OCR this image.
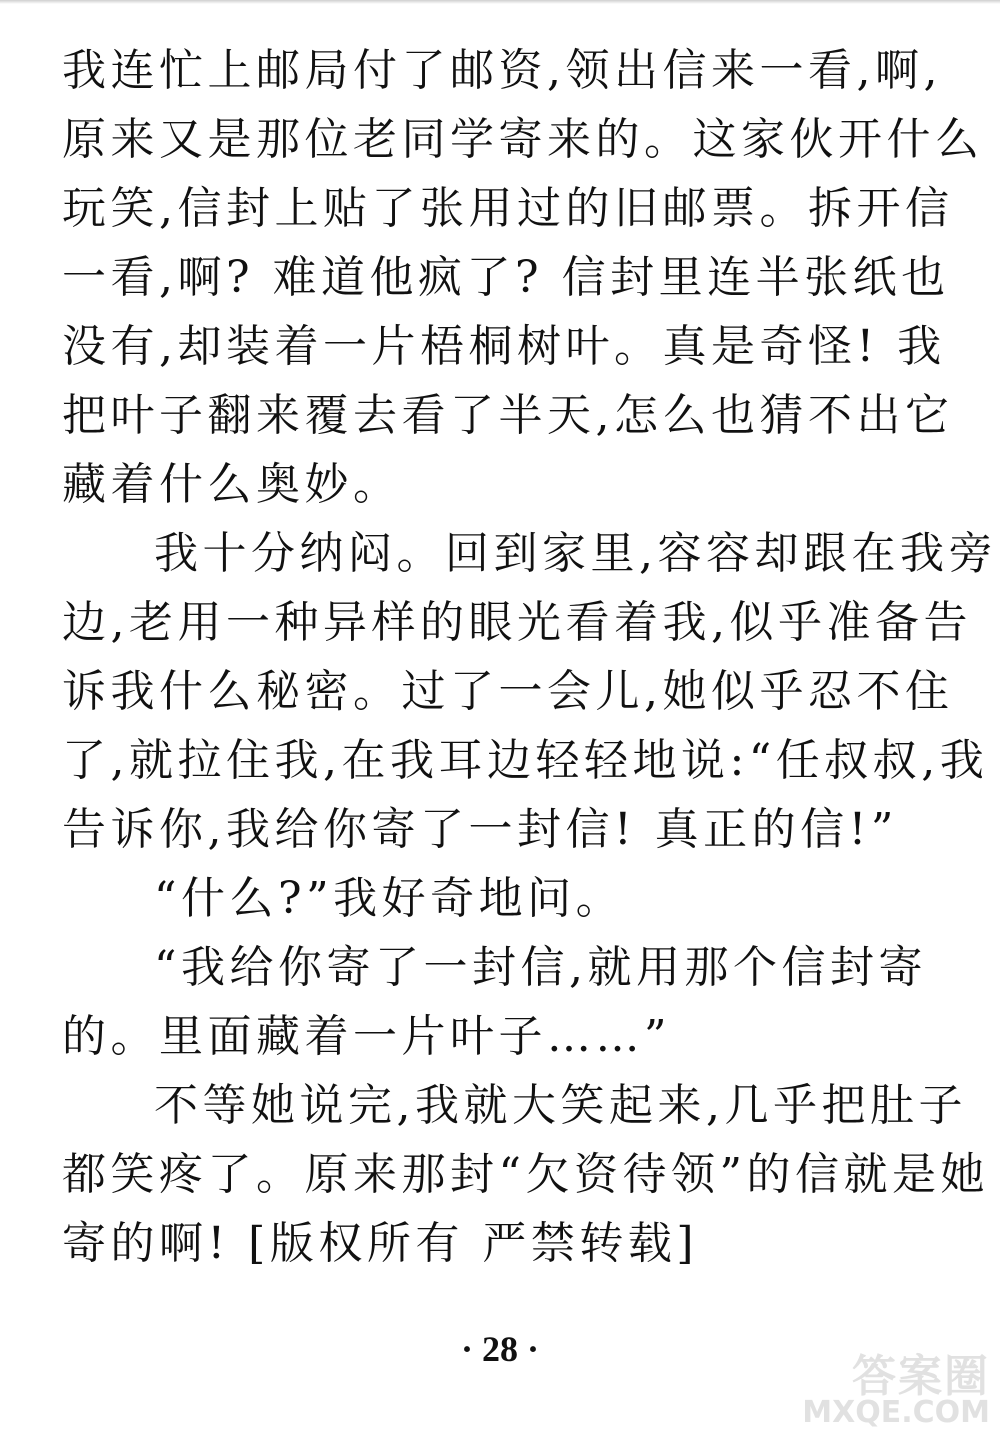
我连忙上邮局付了邮资,领出信来一看,啊,
原来又是那位老同学寄来的。这家伙开什么
玩笑,信封上贴了张用过的旧邮票。拆开信
一看,啊? 难道他疯了? 信封里连半张纸也
没有,却装着一片梧桐树叶。真是奇怪! 我
把叶子翻来覆去看了半天,怎么也猜不出它
藏着什么奥妙。
我十分纳闷。回到家里,容容却跟在我旁
边,老用一种异样的眼光看着我,似乎准备告
诉我什么秘密。过了一会儿,她似乎忍不住
了,就拉住我,在我耳边轻轻地说:“任叔叔,我
告诉你,我给你寄了一封信! 真正的信!”
“什么?”我好奇地问。
“我给你寄了一封信,就用那个信封寄
的。里面藏着一片叶子……”
不等她说完,我就大笑起来,几乎把肚子
都笑疼了。原来那封“欠资待领”的信就是她
寄的啊! [版权所有 严禁转载]
· 28 ·
答案圈
MXQE.COM
